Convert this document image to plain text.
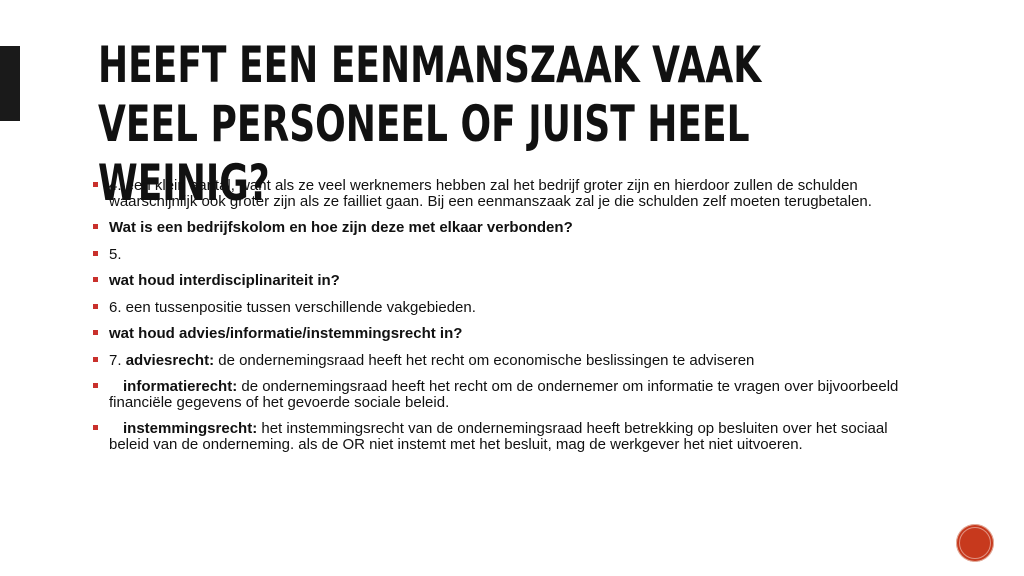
HEEFT EEN EENMANSZAAK VAAK VEEL PERSONEEL OF JUIST HEEL WEINIG?
4. een klein aantal, want als ze veel werknemers hebben zal het bedrijf groter zijn en hierdoor zullen de schulden waarschijnlijk ook groter zijn als ze failliet gaan. Bij een eenmanszaak zal je die schulden zelf moeten terugbetalen.
Wat is een bedrijfskolom en hoe zijn deze met elkaar verbonden?
5.
wat houd interdisciplinariteit in?
6. een tussenpositie tussen verschillende vakgebieden.
wat houd advies/informatie/instemmingsrecht in?
7. adviesrecht: de ondernemingsraad heeft het recht om economische beslissingen te adviseren
informatierecht: de ondernemingsraad heeft het recht om de ondernemer om informatie te vragen over bijvoorbeeld financiële gegevens of het gevoerde sociale beleid.
instemmingsrecht: het instemmingsrecht van de ondernemingsraad heeft betrekking op besluiten over het sociaal beleid van de onderneming. als de OR niet instemt met het besluit, mag de werkgever het niet uitvoeren.
